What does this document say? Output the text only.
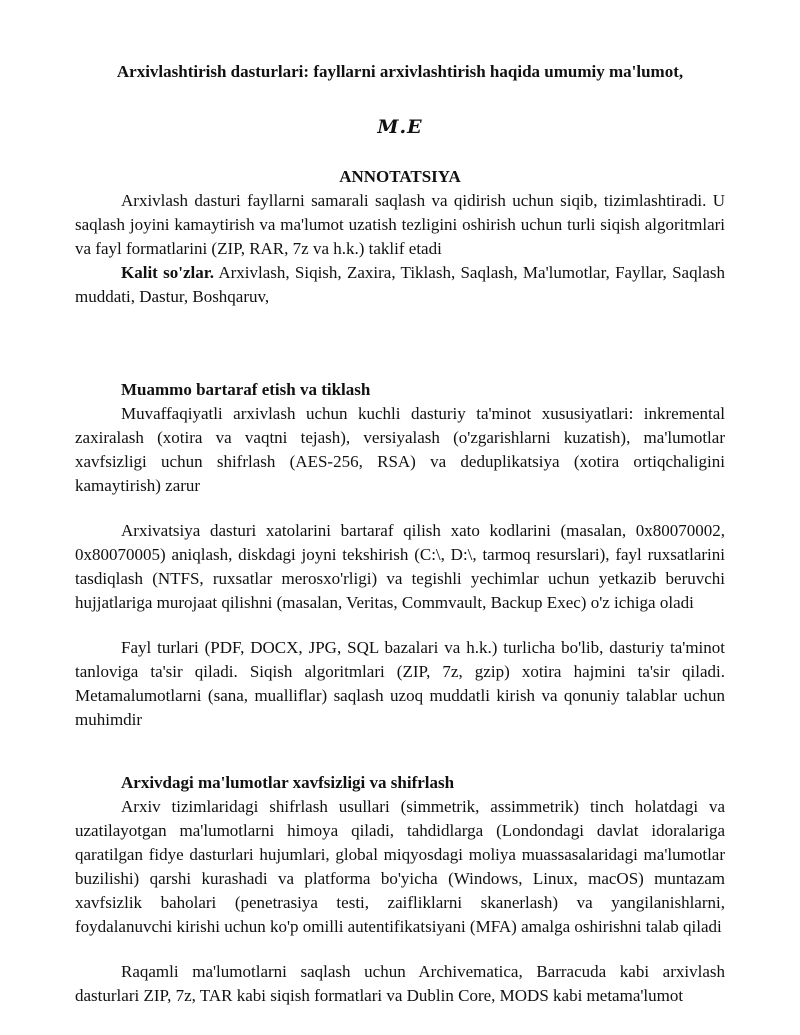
Arxivlashtirish dasturlari: fayllarni arxivlashtirish haqida umumiy ma'lumot,
M.E
ANNOTATSIYA

Arxivlash dasturi fayllarni samarali saqlash va qidirish uchun siqib, tizimlashtiradi. U saqlash joyini kamaytirish va ma'lumot uzatish tezligini oshirish uchun turli siqish algoritmlari va fayl formatlarini (ZIP, RAR, 7z va h.k.) taklif etadi

Kalit so'zlar. Arxivlash, Siqish, Zaxira, Tiklash, Saqlash, Ma'lumotlar, Fayllar, Saqlash muddati, Dastur, Boshqaruv,

Muammo bartaraf etish va tiklash

Muvaffaqiyatli arxivlash uchun kuchli dasturiy ta'minot xususiyatlari: inkremental zaxiralash (xotira va vaqtni tejash), versiyalash (o'zgarishlarni kuzatish), ma'lumotlar xavfsizligi uchun shifrlash (AES-256, RSA) va deduplikatsiya (xotira ortiqchaligini kamaytirish) zarur

Arxivatsiya dasturi xatolarini bartaraf qilish xato kodlarini (masalan, 0x80070002, 0x80070005) aniqlash, diskdagi joyni tekshirish (C:\, D:\, tarmoq resurslari), fayl ruxsatlarini tasdiqlash (NTFS, ruxsatlar merosxo'rligi) va tegishli yechimlar uchun yetkazib beruvchi hujjatlariga murojaat qilishni (masalan, Veritas, Commvault, Backup Exec) o'z ichiga oladi

Fayl turlari (PDF, DOCX, JPG, SQL bazalari va h.k.) turlicha bo'lib, dasturiy ta'minot tanloviga ta'sir qiladi. Siqish algoritmlari (ZIP, 7z, gzip) xotira hajmini ta'sir qiladi. Metamalumotlarni (sana, mualliflar) saqlash uzoq muddatli kirish va qonuniy talablar uchun muhimdir

Arxivdagi ma'lumotlar xavfsizligi va shifrlash

Arxiv tizimlaridagi shifrlash usullari (simmetrik, assimmetrik) tinch holatdagi va uzatilayotgan ma'lumotlarni himoya qiladi, tahdidlarga (Londondagi davlat idoralariga qaratilgan fidye dasturlari hujumlari, global miqyosdagi moliya muassasalaridagi ma'lumotlar buzilishi) qarshi kurashadi va platforma bo'yicha (Windows, Linux, macOS) muntazam xavfsizlik baholari (penetrasiya testi, zaifliklarni skanerlash) va yangilanishlarni, foydalanuvchi kirishi uchun ko'p omilli autentifikatsiyani (MFA) amalga oshirishni talab qiladi

Raqamli ma'lumotlarni saqlash uchun Archivematica, Barracuda kabi arxivlash dasturlari ZIP, 7z, TAR kabi siqish formatlari va Dublin Core, MODS kabi metama'lumot
